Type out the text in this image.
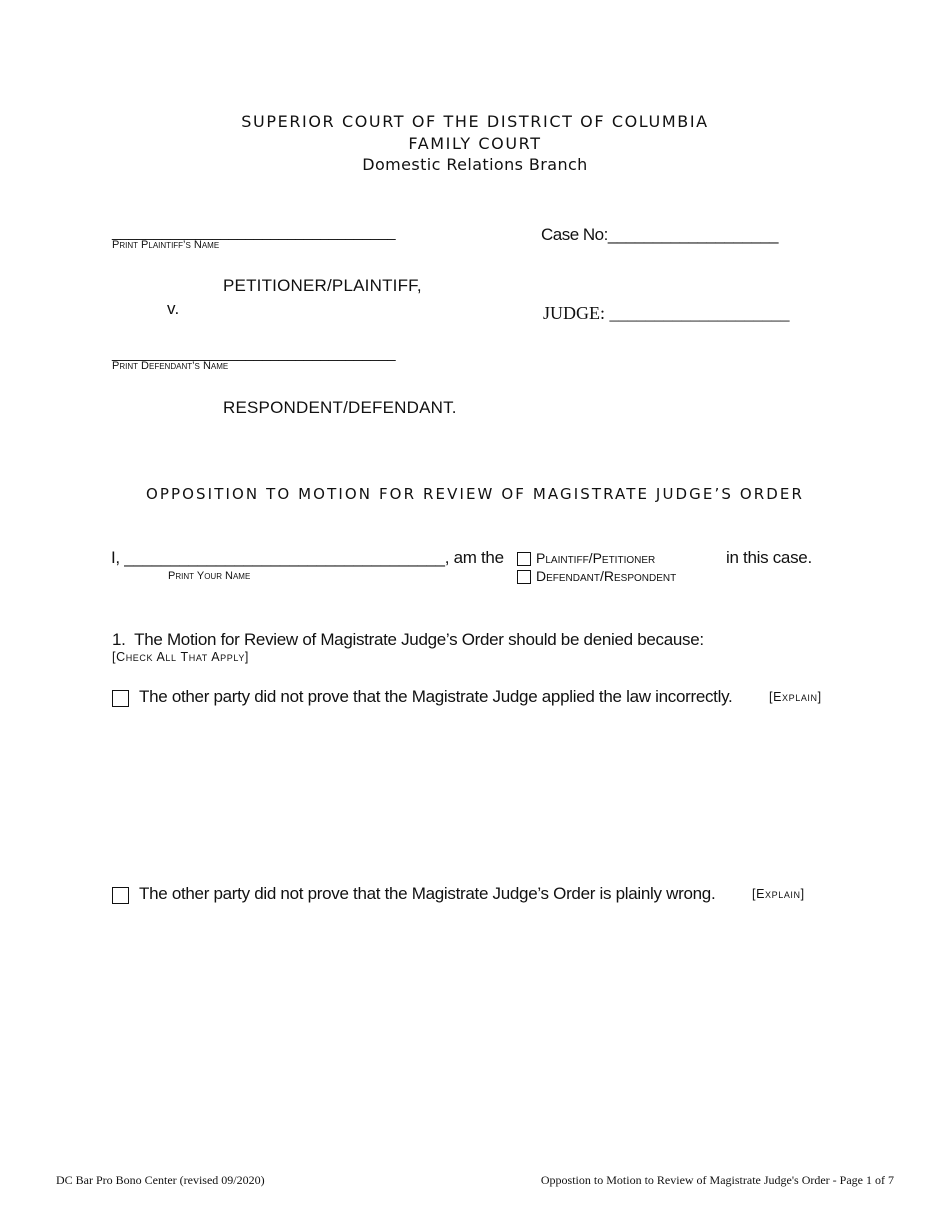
SUPERIOR COURT OF THE DISTRICT OF COLUMBIA
FAMILY COURT
Domestic Relations Branch
__________________________________
Print Plaintiff’s Name
PETITIONER/PLAINTIFF,
v.
__________________________________
Print Defendant’s Name
RESPONDENT/DEFENDANT.
Case No:___________________
JUDGE: ____________________
OPPOSITION TO MOTION FOR REVIEW OF MAGISTRATE JUDGE’S ORDER
I, ___________________________________, am the
Print Your Name
Plaintiff/Petitioner
Defendant/Respondent
in this case.
1. The Motion for Review of Magistrate Judge’s Order should be denied because:
[Check All That Apply]
The other party did not prove that the Magistrate Judge applied the law incorrectly.	[Explain]
The other party did not prove that the Magistrate Judge’s Order is plainly wrong.	[Explain]
DC Bar Pro Bono Center (revised 09/2020)	Oppostion to Motion to Review of Magistrate Judge's Order - Page 1 of 7
